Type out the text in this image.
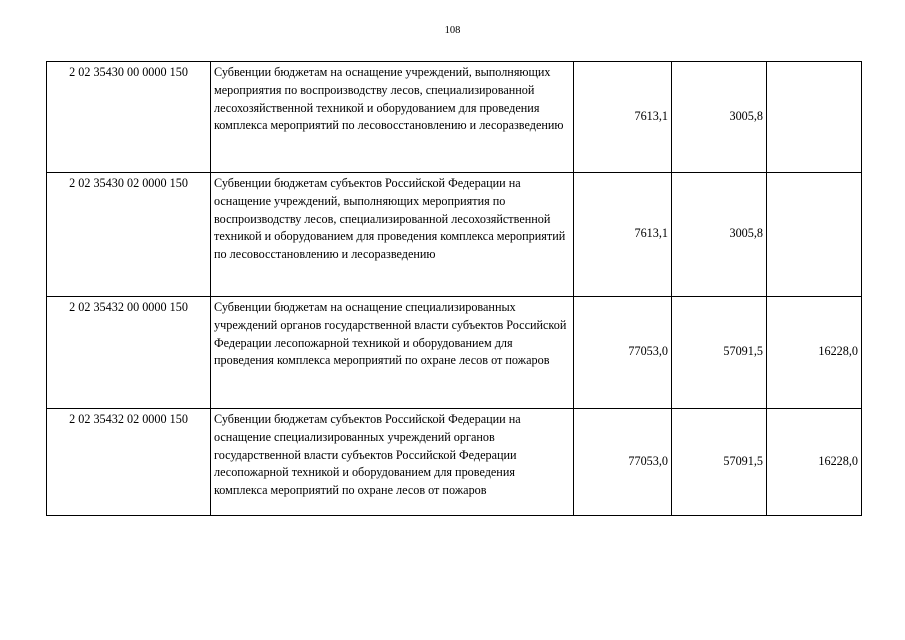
108
2 02 35430 00 0000 150	Субвенции бюджетам на оснащение учреждений, выполняющих мероприятия по воспроизводству лесов, специализированной лесохозяйственной техникой и оборудованием для проведения комплекса мероприятий по лесовосстановлению и лесоразведению	7613,1	3005,8	
2 02 35430 02 0000 150	Субвенции бюджетам субъектов Российской Федерации на оснащение учреждений, выполняющих мероприятия по воспроизводству лесов, специализированной лесохозяйственной техникой и оборудованием для проведения комплекса мероприятий по лесовосстановлению и лесоразведению	7613,1	3005,8	
2 02 35432 00 0000 150	Субвенции бюджетам на оснащение специализированных учреждений органов государственной власти субъектов Российской Федерации лесопожарной техникой и оборудованием для проведения комплекса мероприятий по охране лесов от пожаров	77053,0	57091,5	16228,0
2 02 35432 02 0000 150	Субвенции бюджетам субъектов Российской Федерации на оснащение специализированных учреждений органов государственной власти субъектов Российской Федерации лесопожарной техникой и оборудованием для проведения комплекса мероприятий по охране лесов от пожаров	77053,0	57091,5	16228,0
